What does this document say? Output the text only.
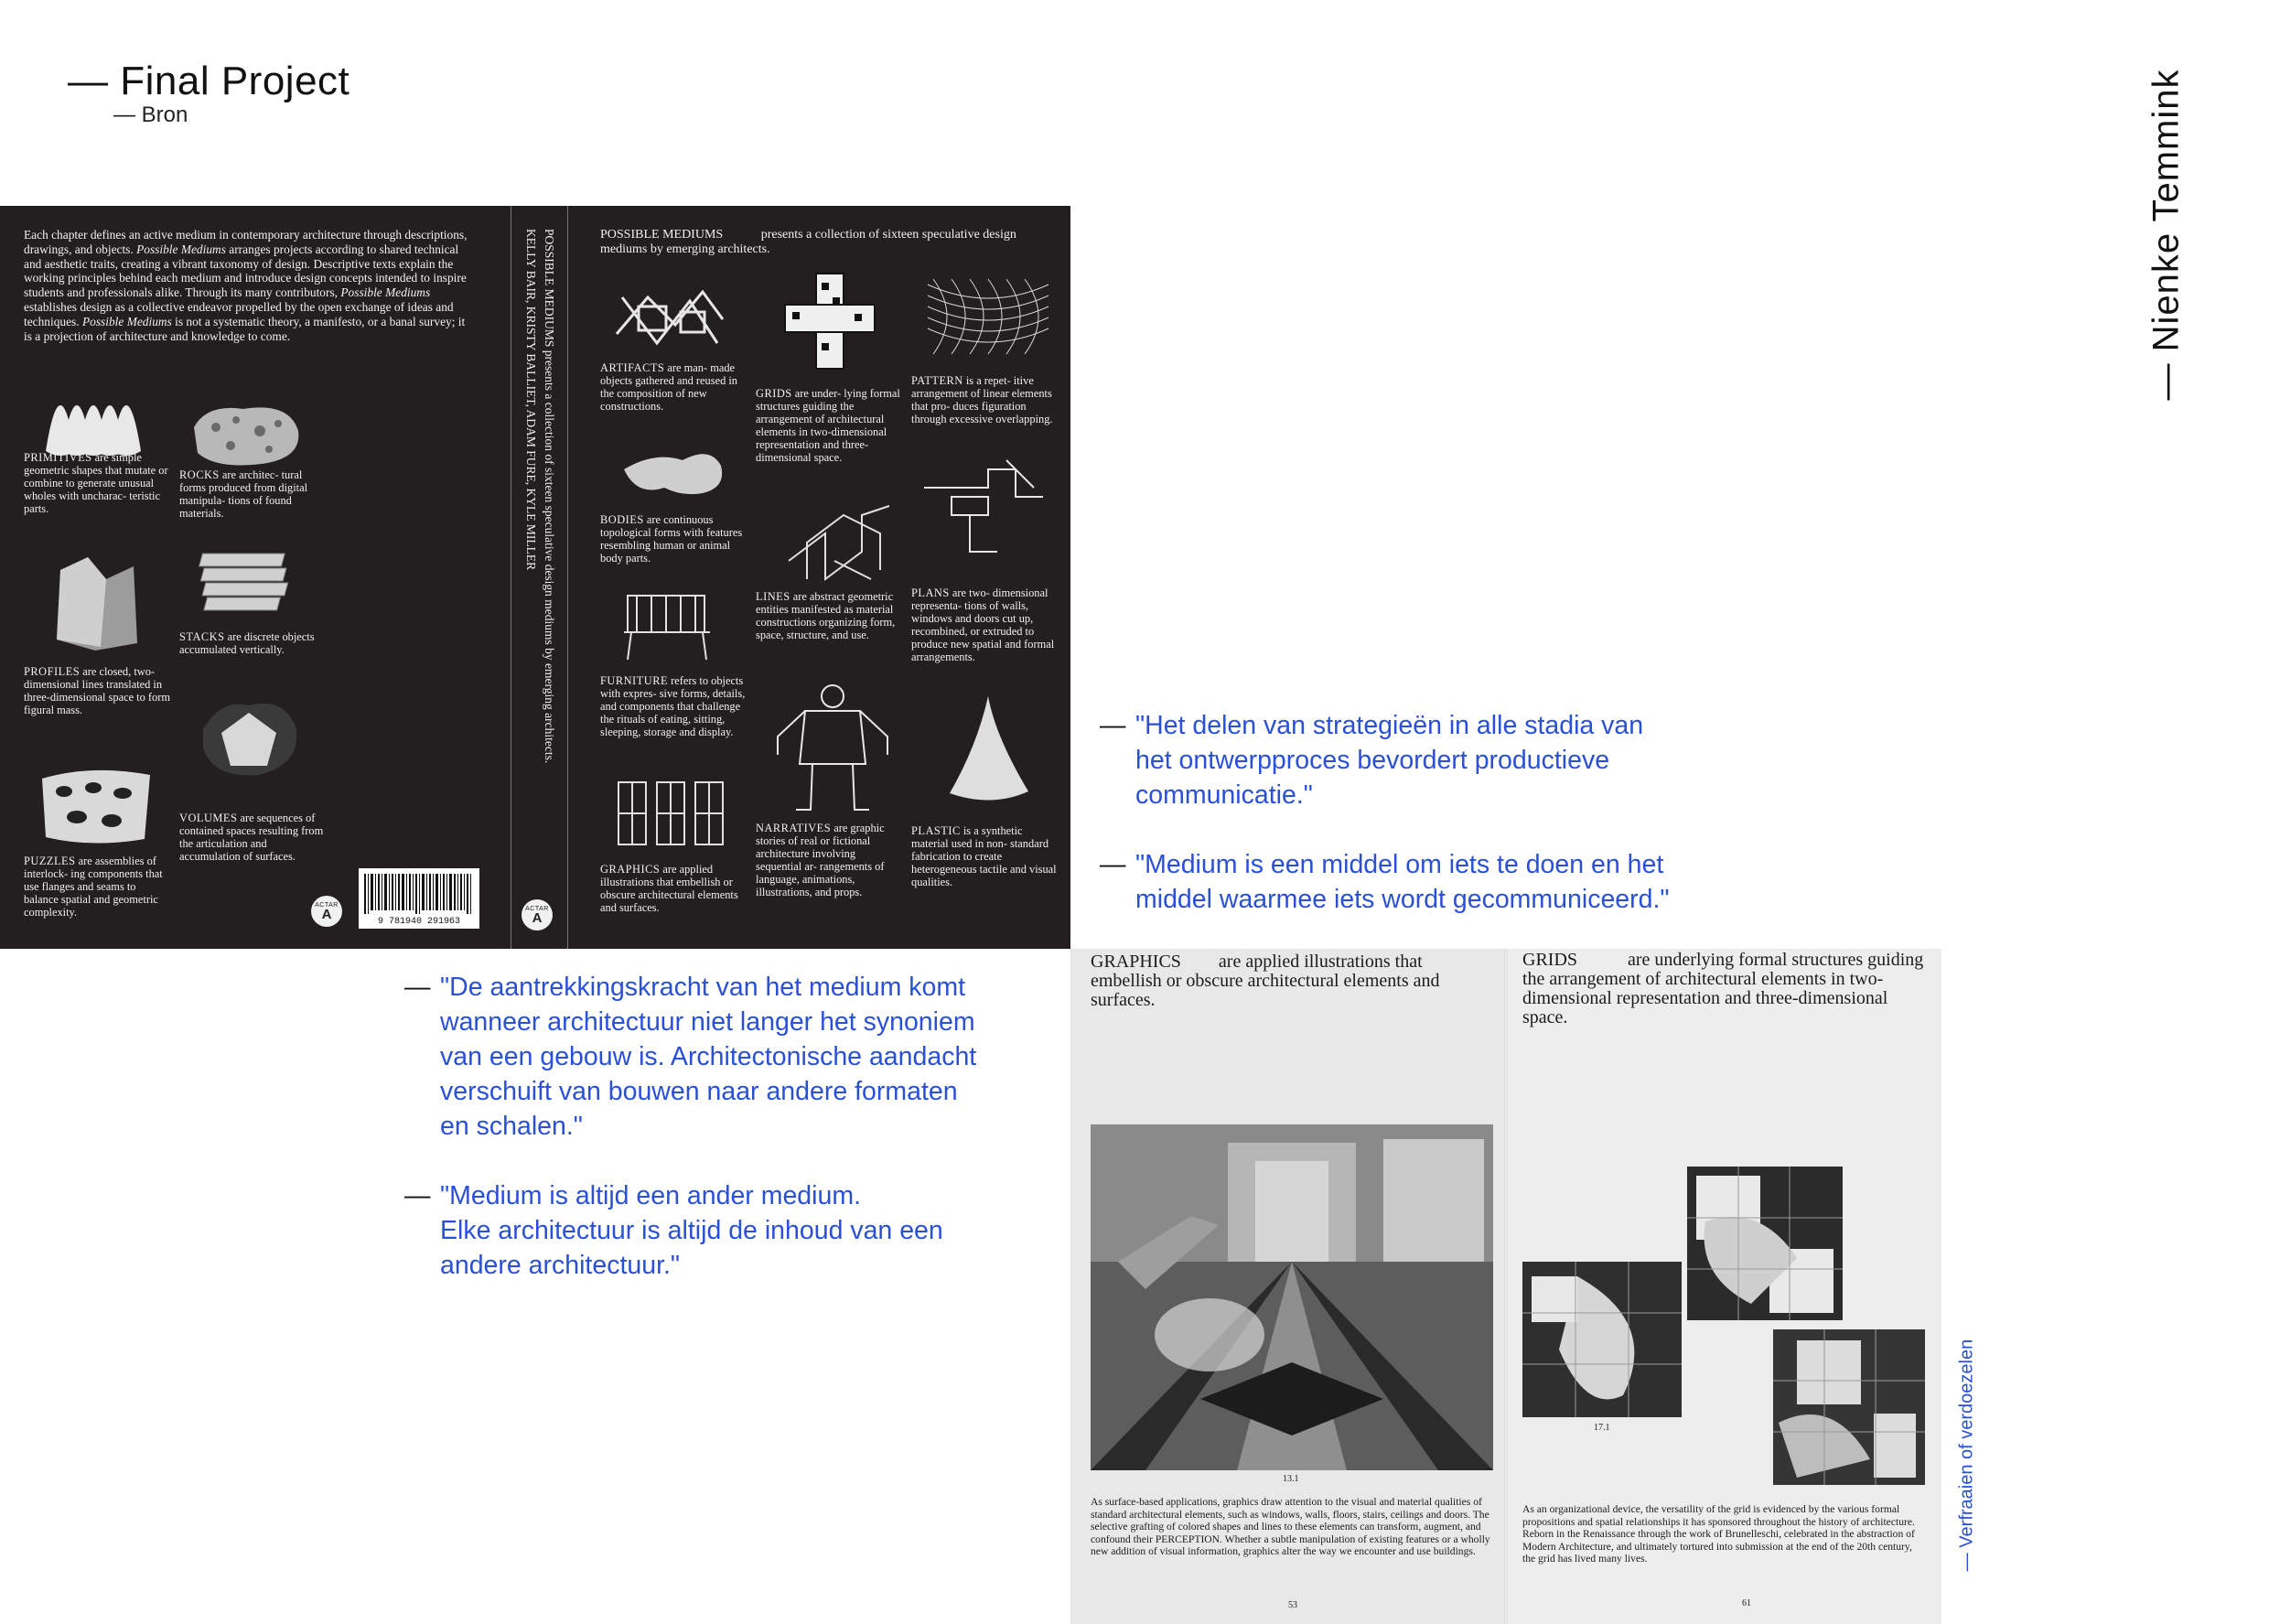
— Final Project
— Bron	— Nienke Temmink
Each chapter defines an active medium in contemporary architecture through descriptions, drawings, and objects. Possible Mediums arranges projects according to shared technical and aesthetic traits, creating a vibrant taxonomy of design. Descriptive texts explain the working principles behind each medium and introduce design concepts intended to inspire students and professionals alike. Through its many contributors, Possible Mediums establishes design as a collective endeavor propelled by the open exchange of ideas and techniques. Possible Mediums is not a systematic theory, a manifesto, or a banal survey; it is a projection of architecture and knowledge to come.
PRIMITIVES are simple geometric shapes that mutate or combine to generate unusual wholes with uncharac- teristic parts.
ROCKS are architec- tural forms produced from digital manipula- tions of found materials.
STACKS are discrete objects accumulated vertically.
PROFILES are closed, two-dimensional lines translated in three-dimensional space to form figural mass.
VOLUMES are sequences of contained spaces resulting from the articulation and accumulation of surfaces.
PUZZLES are assemblies of interlock- ing components that use flanges and seams to balance spatial and geometric complexity.
9 781940 291963
ACTAR
A
POSSIBLE MEDIUMS presents a collection of sixteen speculative design mediums by emerging architects.
KELLY BAIR, KRISTY BALLIET, ADAM FURE, KYLE MILLER
ACTAR
A
POSSIBLE MEDIUMS	presents a collection of sixteen speculative design mediums by emerging architects.
ARTIFACTS are man- made objects gathered and reused in the composition of new constructions.
GRIDS are under- lying formal structures guiding the arrangement of architectural elements in two-dimensional representation and three- dimensional space.
PATTERN is a repet- itive arrangement of linear elements that pro- duces figuration through excessive overlapping.
BODIES are continuous topological forms with features resembling human or animal body parts.
LINES are abstract geometric entities manifested as material constructions organizing form, space, structure, and use.
PLANS are two- dimensional representa- tions of walls, windows and doors cut up, recombined, or extruded to produce new spatial and formal arrangements.
FURNITURE refers to objects with expres- sive forms, details, and components that challenge the rituals of eating, sitting, sleeping, storage and display.
NARRATIVES are graphic stories of real or fictional architecture involving sequential ar- rangements of language, animations, illustrations, and props.
PLASTIC is a synthetic material used in non- standard fabrication to create heterogeneous tactile and visual qualities.
GRAPHICS are applied illustrations that embellish or obscure architectural elements and surfaces.
— "Het delen van strategieën in alle stadia van
het ontwerpproces bevordert productieve
communicatie."
— "Medium is een middel om iets te doen en het
middel waarmee iets wordt gecommuniceerd."
— "De aantrekkingskracht van het medium komt
wanneer architectuur niet langer het synoniem
van een gebouw is. Architectonische aandacht
verschuift van bouwen naar andere formaten
en schalen."
— "Medium is altijd een ander medium.
Elke architectuur is altijd de inhoud van een
andere architectuur."
GRAPHICS are applied illustrations that embellish or obscure architectural elements and surfaces.
13.1
As surface-based applications, graphics draw attention to the visual and material qualities of standard architectural elements, such as windows, walls, floors, stairs, ceilings and doors. The selective grafting of colored shapes and lines to these elements can transform, augment, and confound their PERCEPTION. Whether a subtle manipulation of existing features or a wholly new addition of visual information, graphics alter the way we encounter and use buildings.
53
GRIDS	are underlying formal structures guiding the arrangement of architectural elements in two-dimensional representation and three-dimensional space.
17.1
As an organizational device, the versatility of the grid is evidenced by the various formal propositions and spatial relationships it has sponsored throughout the history of architecture. Reborn in the Renaissance through the work of Brunelleschi, celebrated in the abstraction of Modern Architecture, and ultimately tortured into submission at the end of the 20th century, the grid has lived many lives.
61
— Verfraaien of verdoezelen
